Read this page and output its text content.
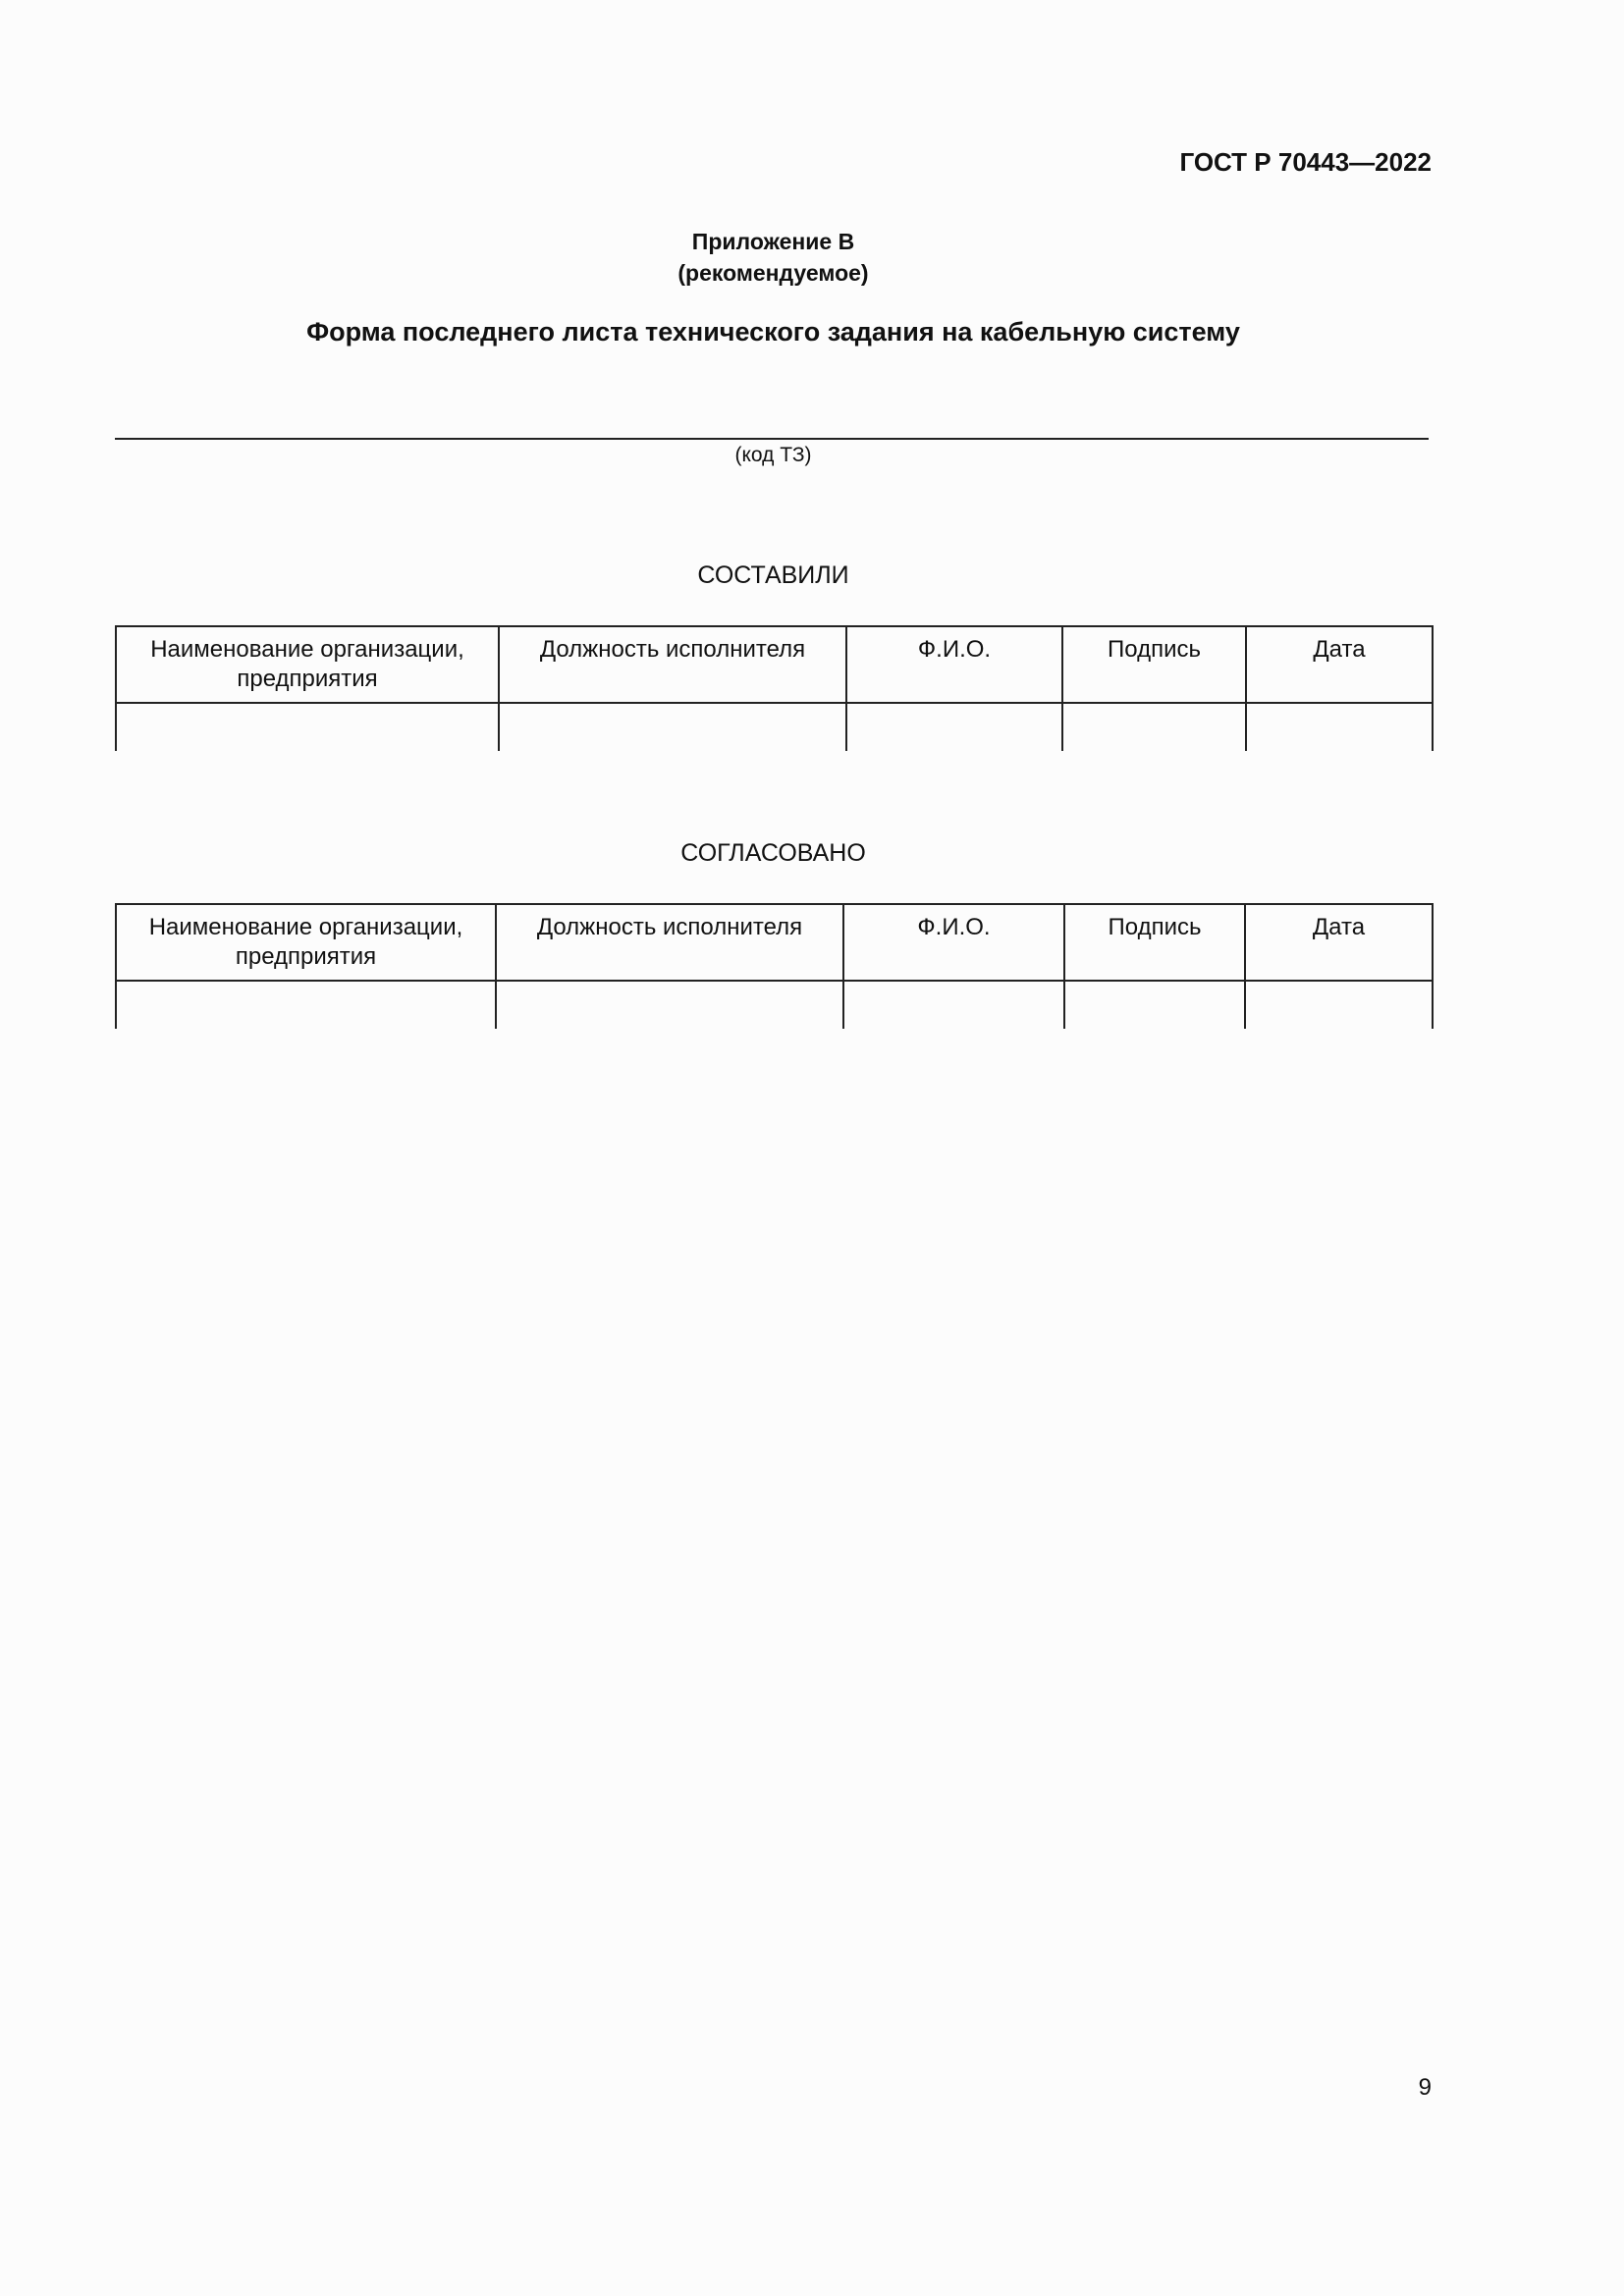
ГОСТ Р 70443—2022
Приложение В
(рекомендуемое)
Форма последнего листа технического задания на кабельную систему
(код ТЗ)
СОСТАВИЛИ
Наименование организации, предприятия	Должность исполнителя	Ф.И.О.	Подпись	Дата

СОГЛАСОВАНО
Наименование организации, предприятия	Должность исполнителя	Ф.И.О.	Подпись	Дата

9
